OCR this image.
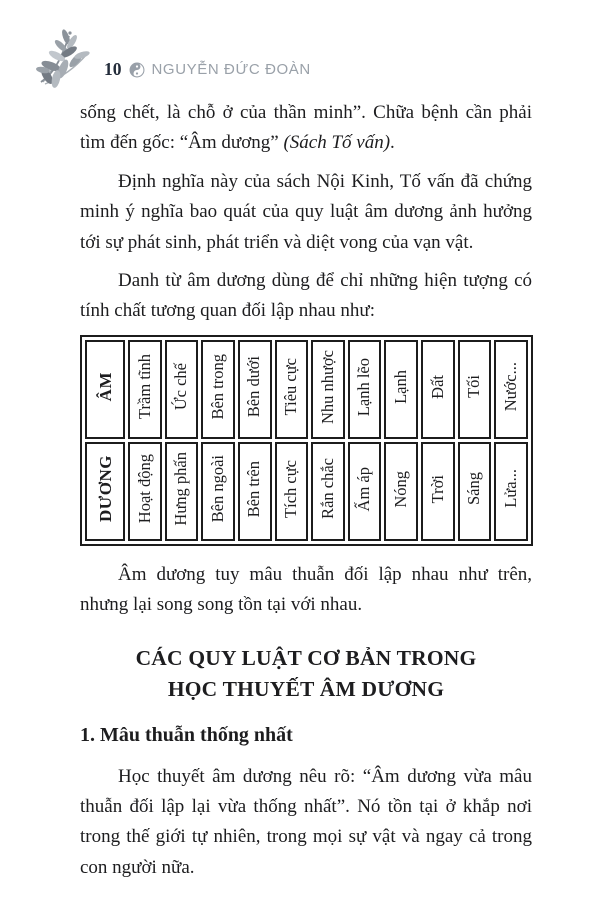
10 NGUYỄN ĐỨC ĐOÀN

sống chết, là chỗ ở của thần minh”. Chữa bệnh cần phải tìm đến gốc: “Âm dương” (Sách Tố vấn).

Định nghĩa này của sách Nội Kinh, Tố vấn đã chứng minh ý nghĩa bao quát của quy luật âm dương ảnh hưởng tới sự phát sinh, phát triển và diệt vong của vạn vật.

Danh từ âm dương dùng để chỉ những hiện tượng có tính chất tương quan đối lập nhau như:

ÂM	Trầm tĩnh	Ức chế	Bên trong	Bên dưới	Tiêu cực	Nhu nhược	Lạnh lẽo	Lạnh	Đất	Tối	Nước...
DƯƠNG	Hoạt động	Hưng phấn	Bên ngoài	Bên trên	Tích cực	Rắn chắc	Ấm áp	Nóng	Trời	Sáng	Lửa...

Âm dương tuy mâu thuẫn đối lập nhau như trên, nhưng lại song song tồn tại với nhau.

CÁC QUY LUẬT CƠ BẢN TRONG
HỌC THUYẾT ÂM DƯƠNG
1. Mâu thuẫn thống nhất

Học thuyết âm dương nêu rõ: “Âm dương vừa mâu thuẫn đối lập lại vừa thống nhất”. Nó tồn tại ở khắp nơi trong thế giới tự nhiên, trong mọi sự vật và ngay cả trong con người nữa.
